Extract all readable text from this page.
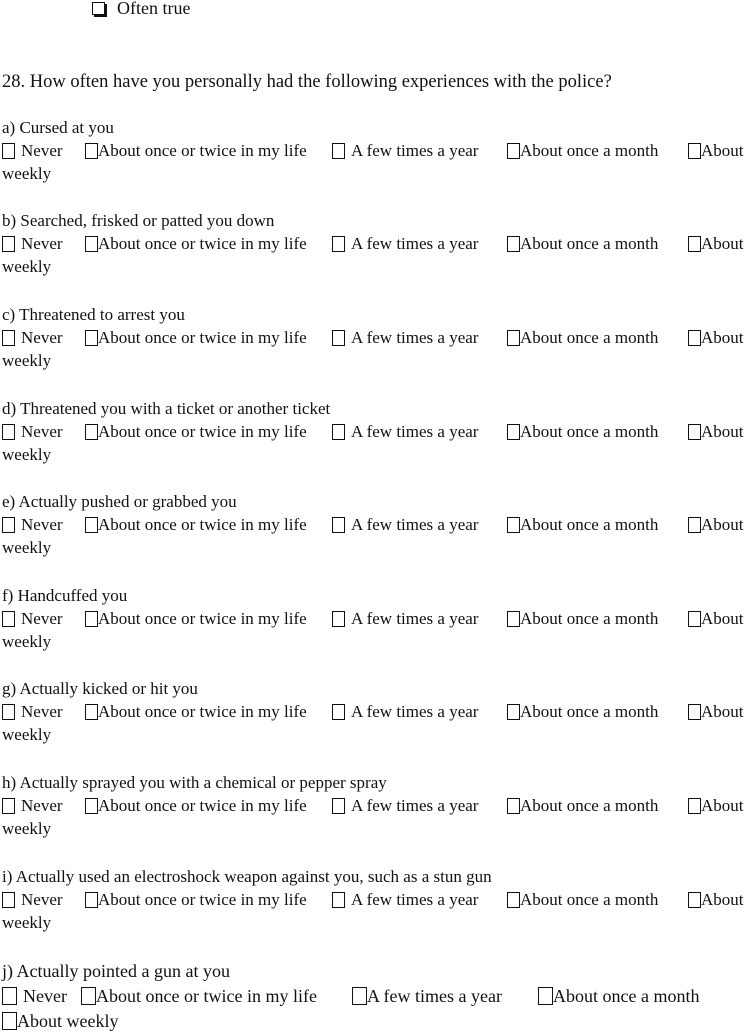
Often true
28. How often have you personally had the following experiences with the police?
a) Cursed at you
Never	About once or twice in my life	A few times a year	About once a month	About
weekly
b) Searched, frisked or patted you down
Never	About once or twice in my life	A few times a year	About once a month	About
weekly
c) Threatened to arrest you
Never	About once or twice in my life	A few times a year	About once a month	About
weekly
d) Threatened you with a ticket or another ticket
Never	About once or twice in my life	A few times a year	About once a month	About
weekly
e) Actually pushed or grabbed you
Never	About once or twice in my life	A few times a year	About once a month	About
weekly
f) Handcuffed you
Never	About once or twice in my life	A few times a year	About once a month	About
weekly
g) Actually kicked or hit you
Never	About once or twice in my life	A few times a year	About once a month	About
weekly
h) Actually sprayed you with a chemical or pepper spray
Never	About once or twice in my life	A few times a year	About once a month	About
weekly
i) Actually used an electroshock weapon against you, such as a stun gun
Never	About once or twice in my life	A few times a year	About once a month	About
weekly
j) Actually pointed a gun at you
Never	About once or twice in my life	A few times a year	About once a month
About weekly
